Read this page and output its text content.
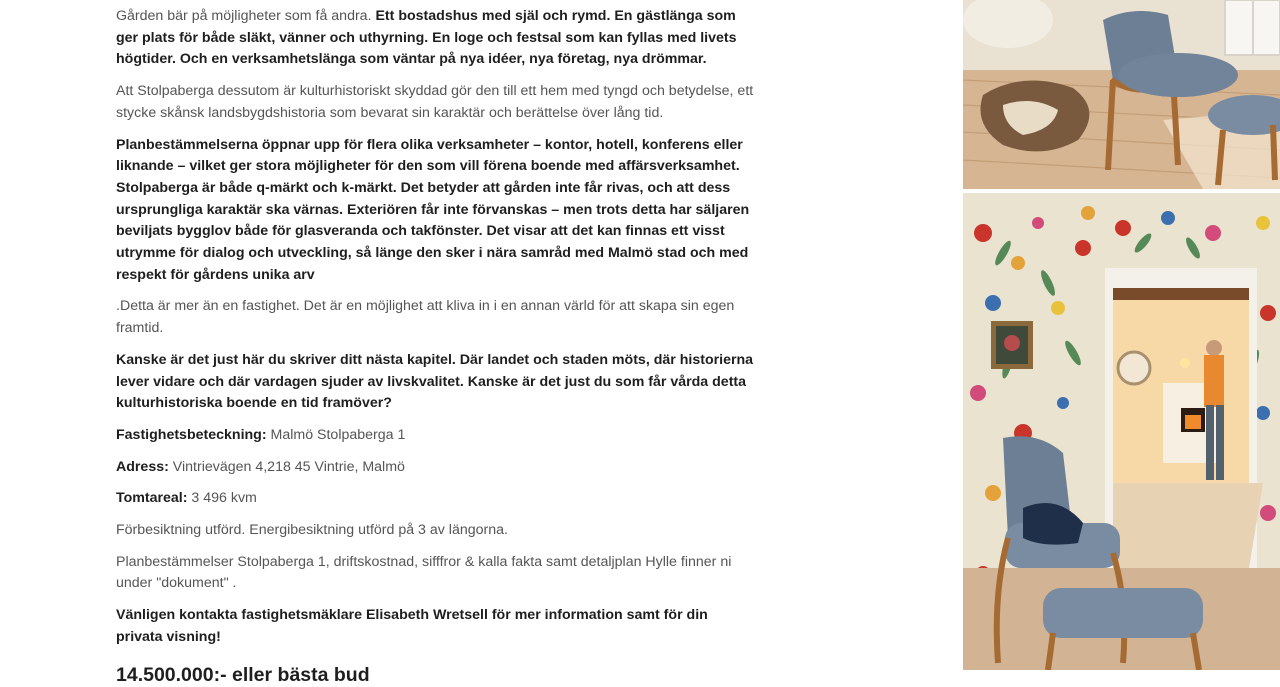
Gården bär på möjligheter som få andra. Ett bostadshus med själ och rymd. En gästlänga som ger plats för både släkt, vänner och uthyrning. En loge och festsal som kan fyllas med livets högtider. Och en verksamhetslänga som väntar på nya idéer, nya företag, nya drömmar.

Att Stolpaberga dessutom är kulturhistoriskt skyddad gör den till ett hem med tyngd och betydelse, ett stycke skånsk landsbygdshistoria som bevarat sin karaktär och berättelse över lång tid.

Planbestämmelserna öppnar upp för flera olika verksamheter – kontor, hotell, konferens eller liknande – vilket ger stora möjligheter för den som vill förena boende med affärsverksamhet. Stolpaberga är både q-märkt och k-märkt. Det betyder att gården inte får rivas, och att dess ursprungliga karaktär ska värnas. Exteriören får inte förvanskas – men trots detta har säljaren beviljats bygglov både för glasveranda och takfönster. Det visar att det kan finnas ett visst utrymme för dialog och utveckling, så länge den sker i nära samråd med Malmö stad och med respekt för gårdens unika arv

.Detta är mer än en fastighet. Det är en möjlighet att kliva in i en annan värld för att skapa sin egen framtid.

Kanske är det just här du skriver ditt nästa kapitel. Där landet och staden möts, där historierna lever vidare och där vardagen sjuder av livskvalitet. Kanske är det just du som får vårda detta kulturhistoriska boende en tid framöver?

Fastighetsbeteckning: Malmö Stolpaberga 1

Adress: Vintrievägen 4,218 45 Vintrie, Malmö

Tomtareal: 3 496 kvm

Förbesiktning utförd. Energibesiktning utförd på 3 av längorna.

Planbestämmelser Stolpaberga 1, driftskostnad, sifffror & kalla fakta samt detaljplan Hylle finner ni under "dokument" .

Vänligen kontakta fastighetsmäklare Elisabeth Wretsell för mer information samt för din privata visning!

14.500.000:- eller bästa bud
